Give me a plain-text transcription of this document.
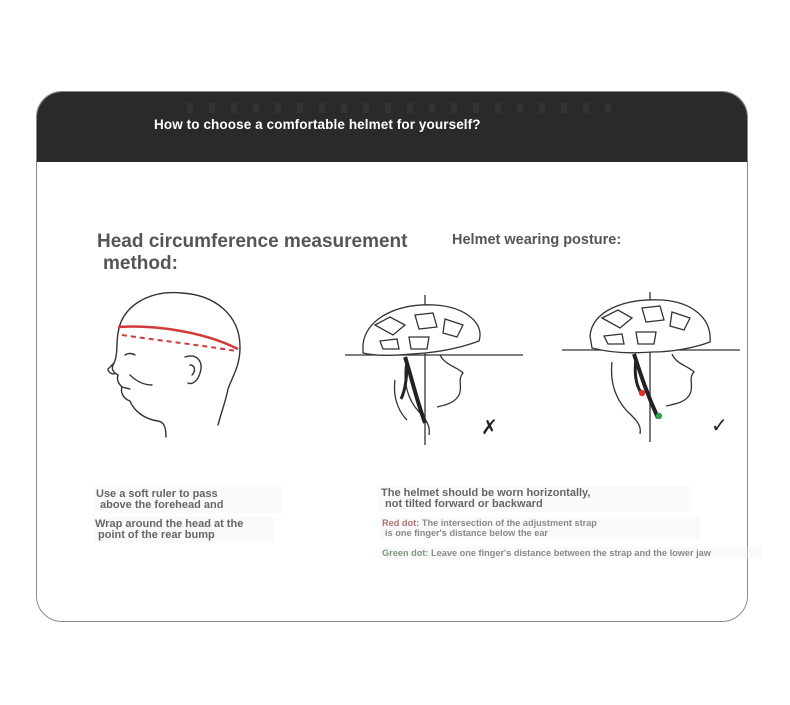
How to choose a comfortable helmet for yourself?
Head circumference measurement
method:
Helmet wearing posture:
✗	✓
Use a soft ruler to pass
above the forehead and
Wrap around the head at the
point of the rear bump
The helmet should be worn horizontally,
not tilted forward or backward
Red dot: The intersection of the adjustment strap
is one finger's distance below the ear
Green dot: Leave one finger's distance between the strap and the lower jaw
